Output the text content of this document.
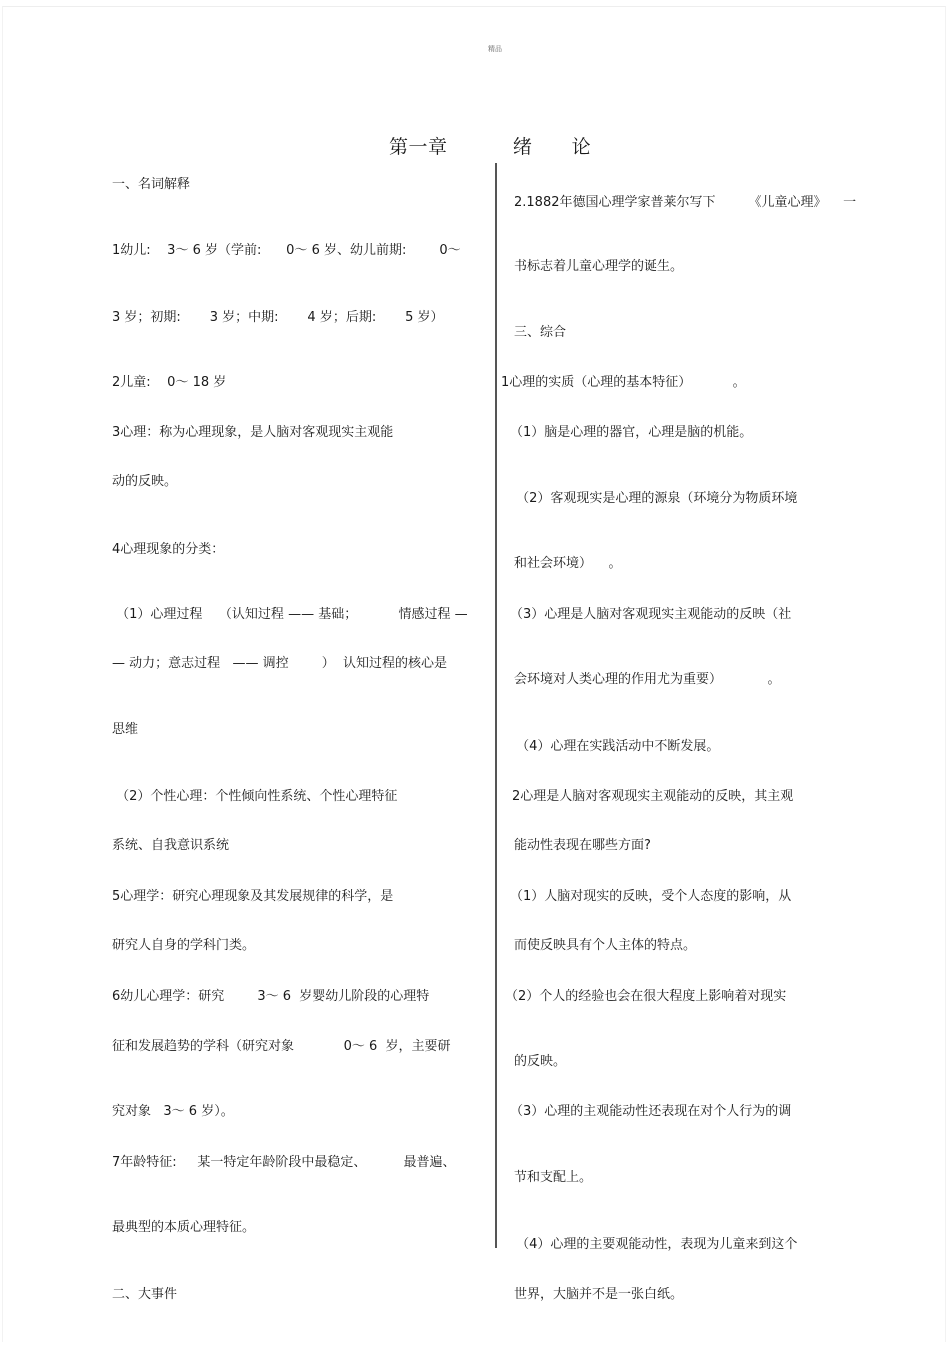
精品
第一章          绪      论

一、名词解释

1幼儿:    3～ 6 岁（学前:      0～ 6 岁、幼儿前期:        0～

3 岁；初期:       3 岁；中期:       4 岁；后期:       5 岁）

2儿童:    0～ 18 岁

3心理：称为心理现象，是人脑对客观现实主观能

动的反映。

4心理现象的分类：

（1）心理过程    （认知过程 —— 基础；          情感过程 —

— 动力；意志过程   —— 调控        ）  认知过程的核心是

思维

（2）个性心理：个性倾向性系统、个性心理特征

系统、自我意识系统

5心理学：研究心理现象及其发展规律的科学，是

研究人自身的学科门类。

6幼儿心理学：研究        3～ 6  岁婴幼儿阶段的心理特

征和发展趋势的学科（研究对象            0～ 6  岁，主要研

究对象   3～ 6 岁）。

7年龄特征:     某一特定年龄阶段中最稳定、         最普遍、

最典型的本质心理特征。

二、大事件

2.1882年德国心理学家普莱尔写下        《儿童心理》    一

书标志着儿童心理学的诞生。

三、综合

1心理的实质（心理的基本特征）          。

（1）脑是心理的器官，心理是脑的机能。

（2）客观现实是心理的源泉（环境分为物质环境

和社会环境）    。

（3）心理是人脑对客观现实主观能动的反映（社

会环境对人类心理的作用尤为重要）           。

（4）心理在实践活动中不断发展。

2心理是人脑对客观现实主观能动的反映，其主观

能动性表现在哪些方面?

（1）人脑对现实的反映，受个人态度的影响，从

而使反映具有个人主体的特点。

（2）个人的经验也会在很大程度上影响着对现实

的反映。

（3）心理的主观能动性还表现在对个人行为的调

节和支配上。

（4）心理的主要观能动性，表现为儿童来到这个

世界，大脑并不是一张白纸。
